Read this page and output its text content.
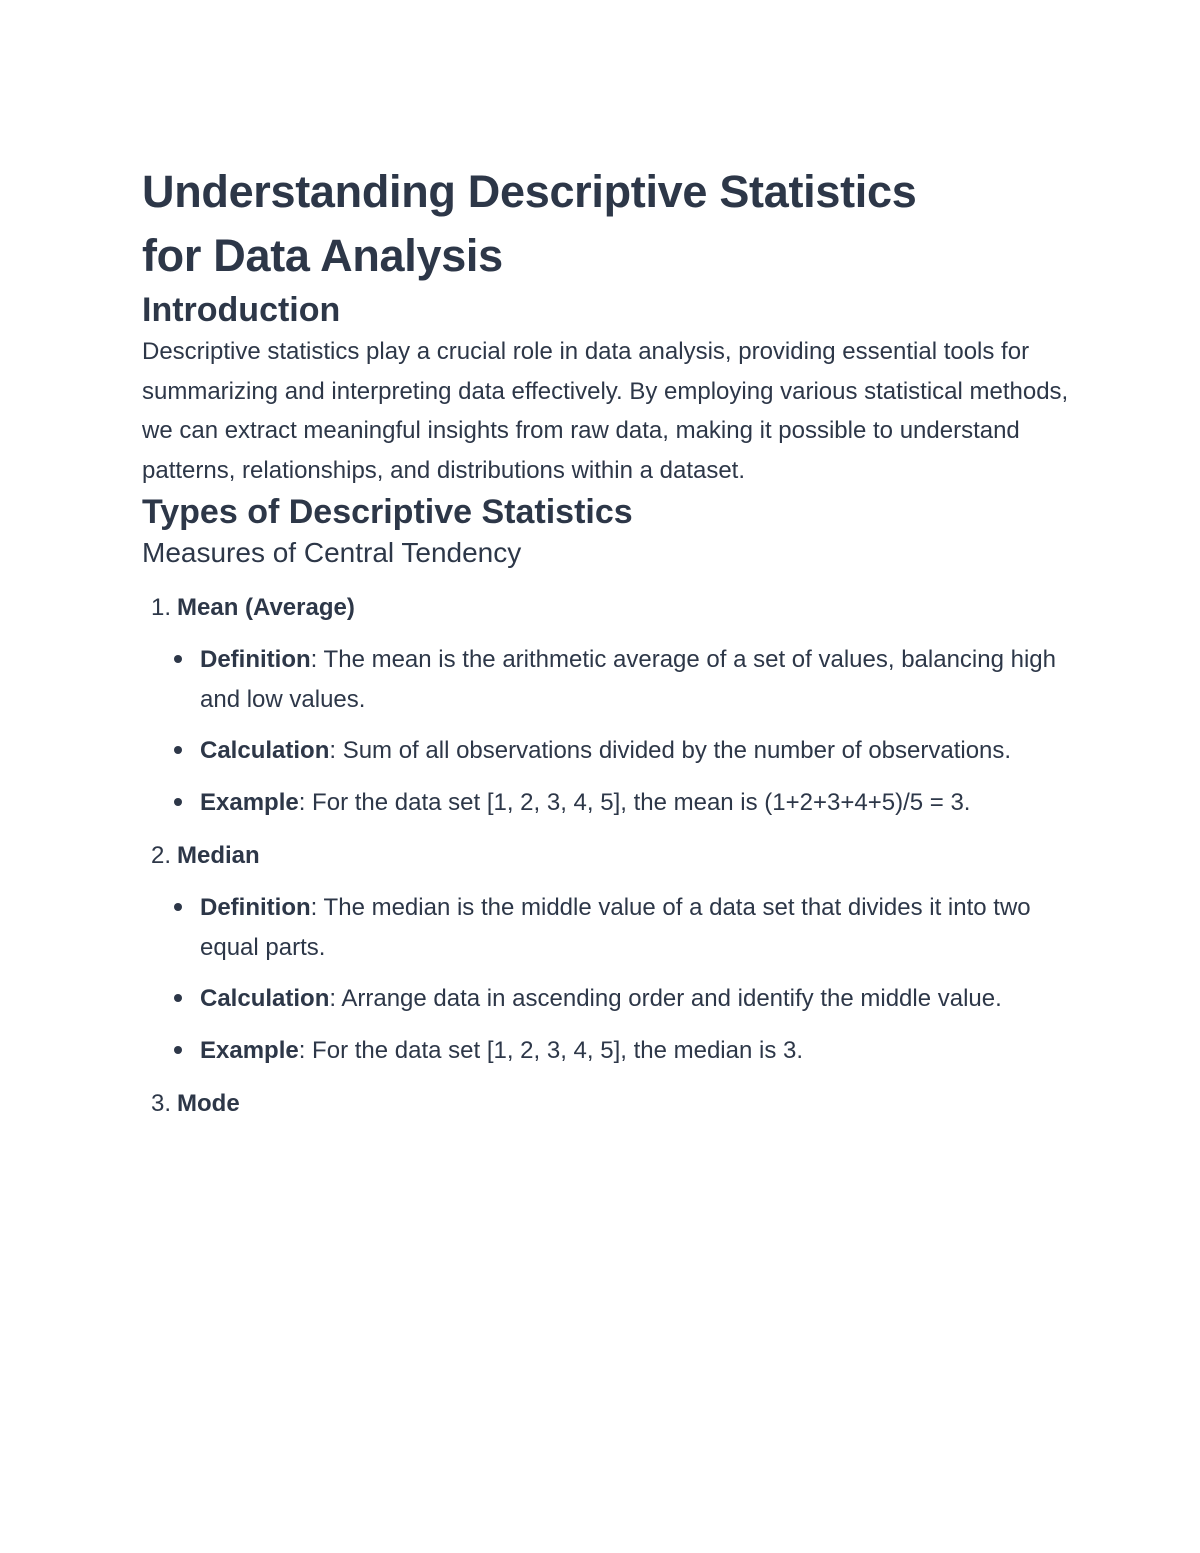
Understanding Descriptive Statistics
for Data Analysis
Introduction

Descriptive statistics play a crucial role in data analysis, providing essential tools for summarizing and interpreting data effectively. By employing various statistical methods, we can extract meaningful insights from raw data, making it possible to understand patterns, relationships, and distributions within a dataset.

Types of Descriptive Statistics
Measures of Central Tendency
1. Mean (Average)
Definition: The mean is the arithmetic average of a set of values, balancing high and low values.
Calculation: Sum of all observations divided by the number of observations.
Example: For the data set [1, 2, 3, 4, 5], the mean is (1+2+3+4+5)/5 = 3.
2. Median
Definition: The median is the middle value of a data set that divides it into two equal parts.
Calculation: Arrange data in ascending order and identify the middle value.
Example: For the data set [1, 2, 3, 4, 5], the median is 3.
3. Mode
